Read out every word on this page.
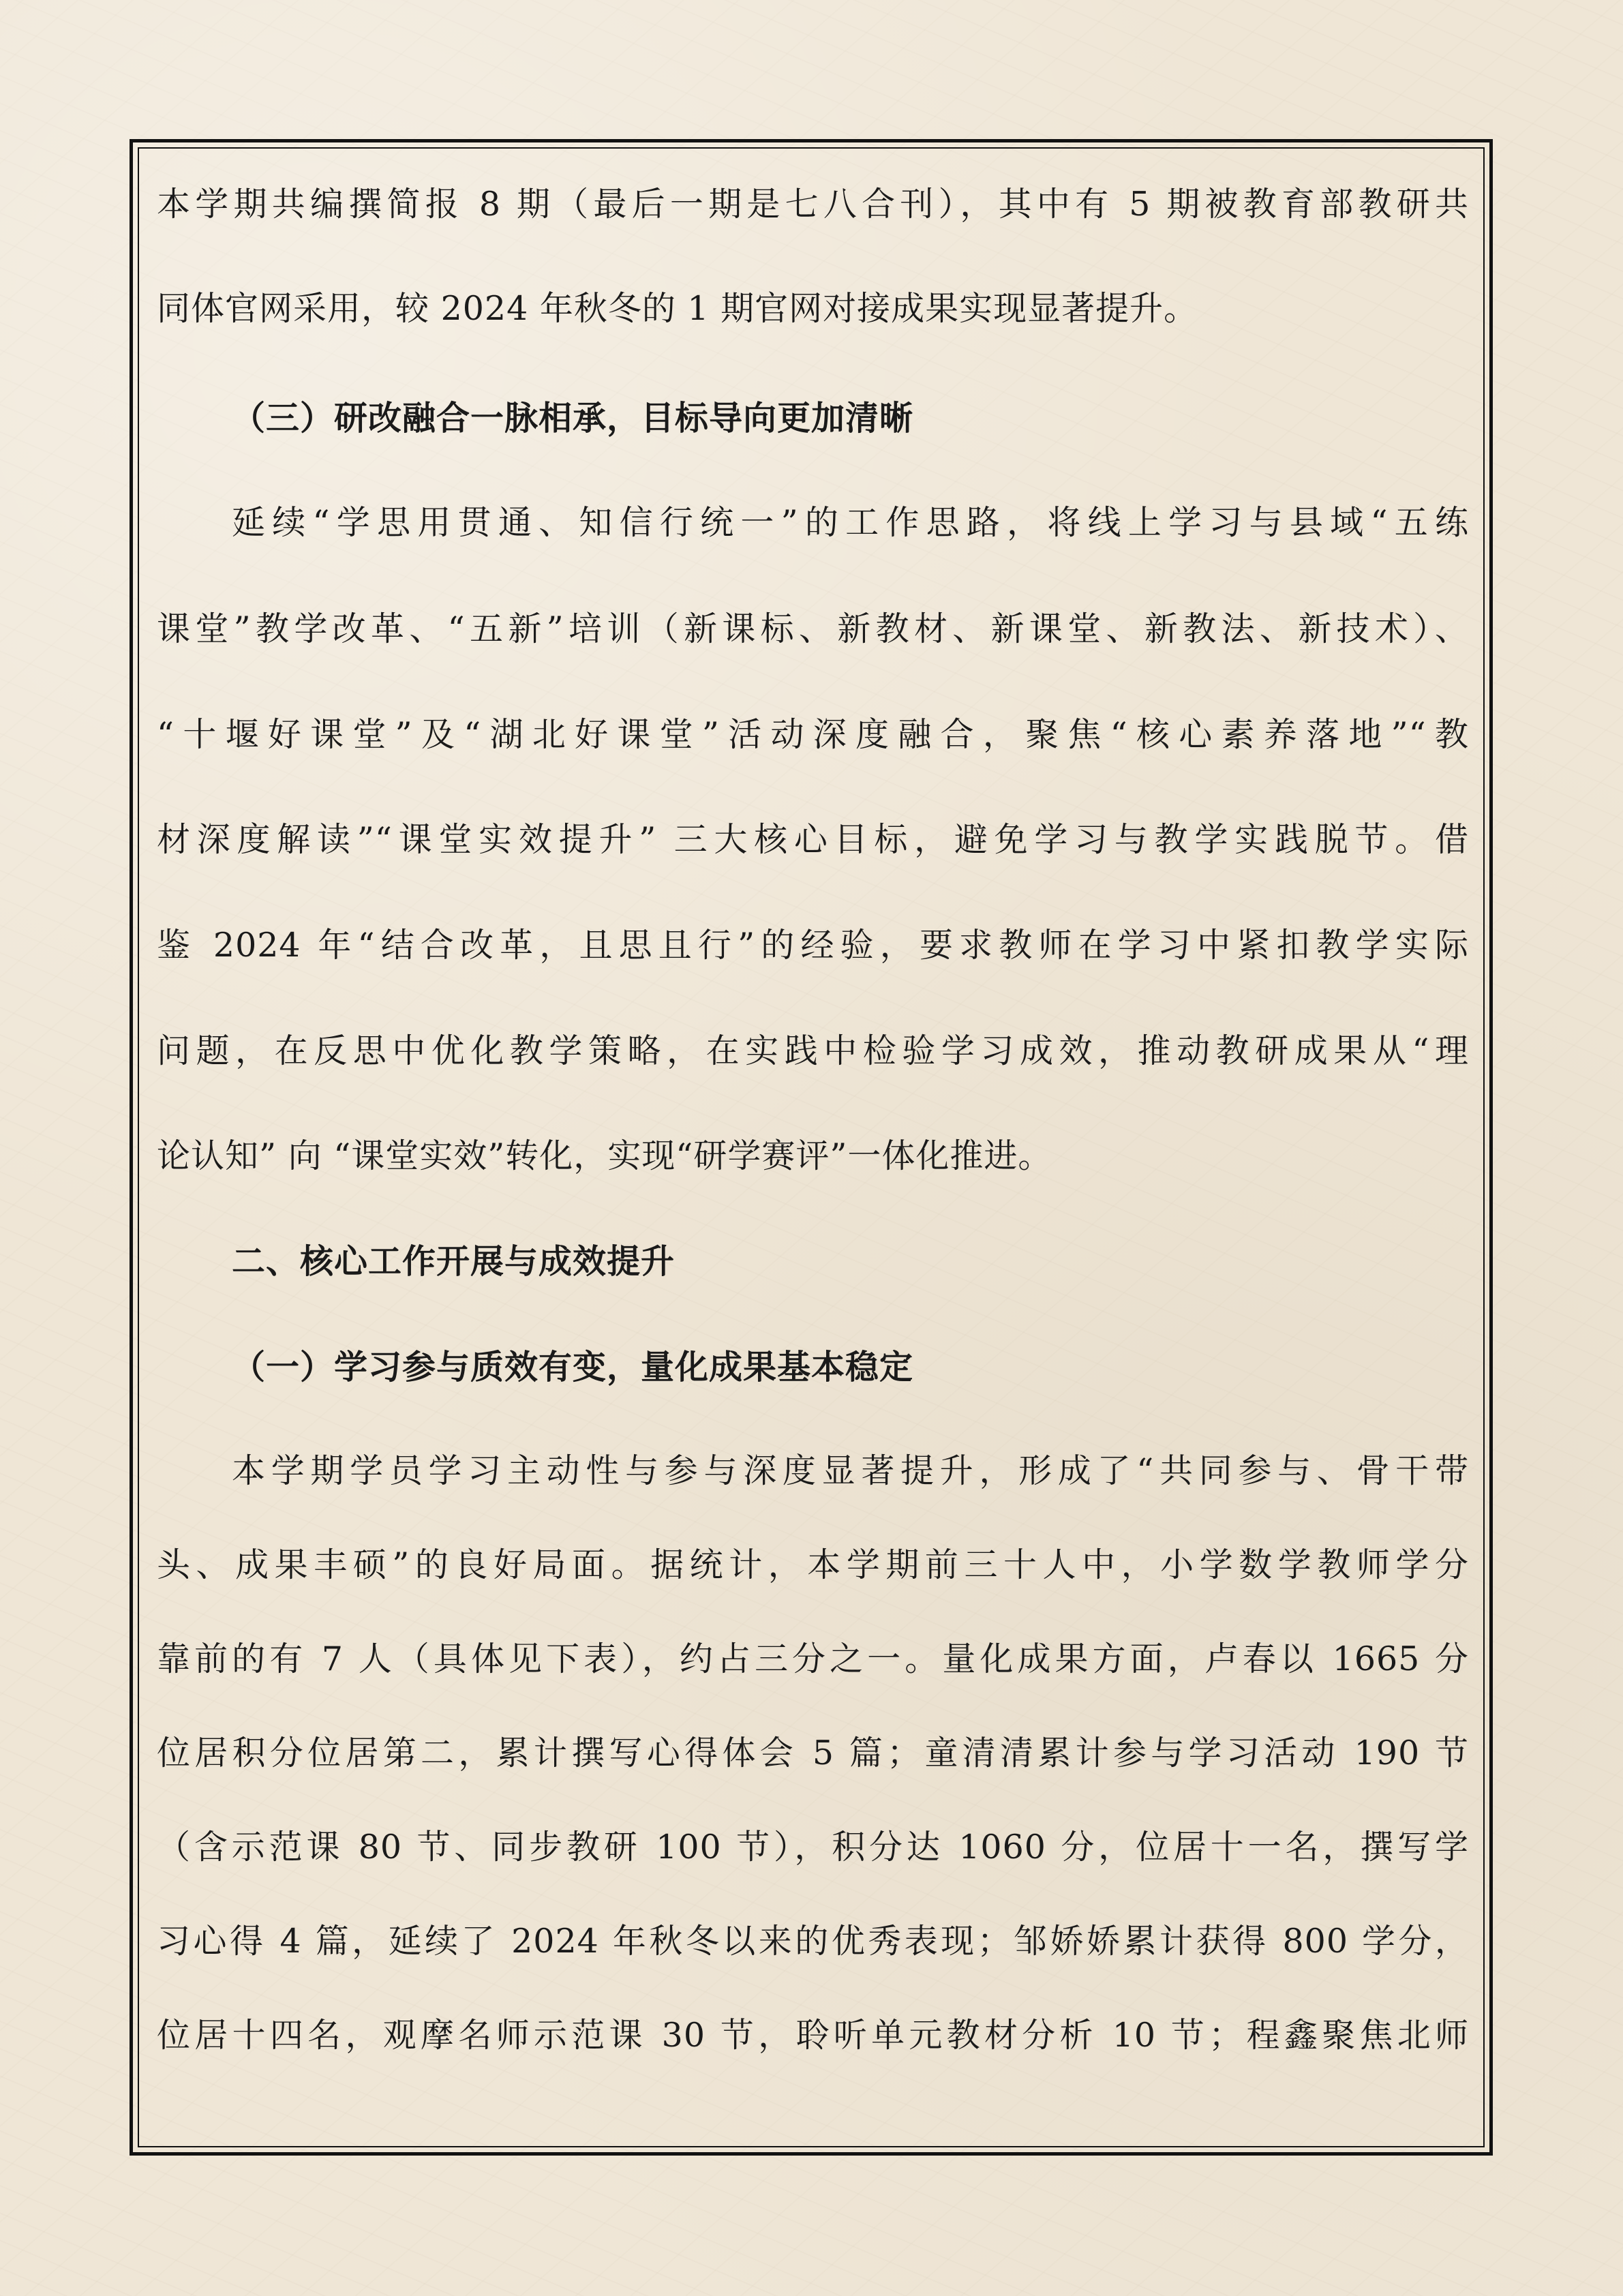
本学期共编撰简报 8 期（最后一期是七八合刊），其中有 5 期被教育部教研共
同体官网采用，较 2024 年秋冬的 1 期官网对接成果实现显著提升。
（三）研改融合一脉相承，目标导向更加清晰
延续“学思用贯通、知信行统一”的工作思路，将线上学习与县域“五练
课堂”教学改革、“五新”培训（新课标、新教材、新课堂、新教法、新技术）、
“十堰好课堂”及“湖北好课堂”活动深度融合，聚焦“核心素养落地”“教
材深度解读”“课堂实效提升” 三大核心目标，避免学习与教学实践脱节。借
鉴 2024 年“结合改革，且思且行”的经验，要求教师在学习中紧扣教学实际
问题，在反思中优化教学策略，在实践中检验学习成效，推动教研成果从“理
论认知” 向 “课堂实效”转化，实现“研学赛评”一体化推进。
二、核心工作开展与成效提升
（一）学习参与质效有变，量化成果基本稳定
本学期学员学习主动性与参与深度显著提升，形成了“共同参与、骨干带
头、成果丰硕”的良好局面。据统计，本学期前三十人中，小学数学教师学分
靠前的有 7 人（具体见下表），约占三分之一。量化成果方面，卢春以 1665 分
位居积分位居第二，累计撰写心得体会 5 篇；童清清累计参与学习活动 190 节
（含示范课 80 节、同步教研 100 节），积分达 1060 分，位居十一名，撰写学
习心得 4 篇，延续了 2024 年秋冬以来的优秀表现；邹娇娇累计获得 800 学分，
位居十四名，观摩名师示范课 30 节，聆听单元教材分析 10 节；程鑫聚焦北师
